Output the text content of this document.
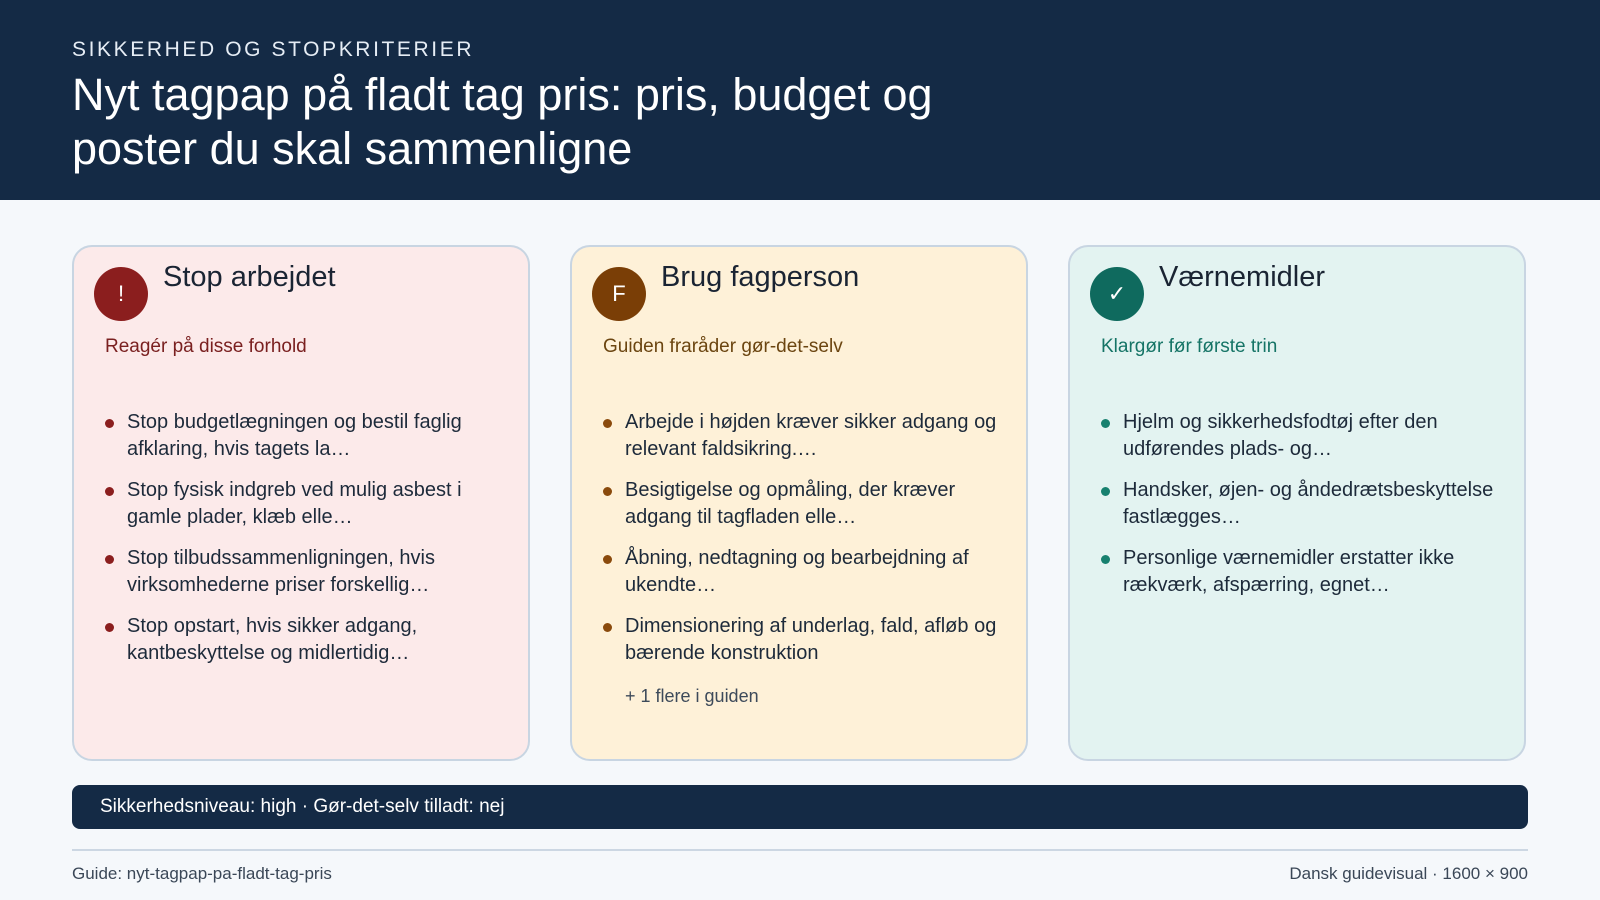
SIKKERHED OG STOPKRITERIER
Nyt tagpap på fladt tag pris: pris, budget og poster du skal sammenligne
!
Stop arbejdet
Reagér på disse forhold
Stop budgetlægningen og bestil faglig afklaring, hvis tagets la…
Stop fysisk indgreb ved mulig asbest i gamle plader, klæb elle…
Stop tilbudssammenligningen, hvis virksomhederne priser forskellig…
Stop opstart, hvis sikker adgang, kantbeskyttelse og midlertidig…
F
Brug fagperson
Guiden fraråder gør-det-selv
Arbejde i højden kræver sikker adgang og relevant faldsikring.…
Besigtigelse og opmåling, der kræver adgang til tagfladen elle…
Åbning, nedtagning og bearbejdning af ukendte…
Dimensionering af underlag, fald, afløb og bærende konstruktion
+ 1 flere i guiden
✓
Værnemidler
Klargør før første trin
Hjelm og sikkerhedsfodtøj efter den udførendes plads- og…
Handsker, øjen- og åndedrætsbeskyttelse fastlægges…
Personlige værnemidler erstatter ikke rækværk, afspærring, egnet…
Sikkerhedsniveau: high · Gør-det-selv tilladt: nej
Guide: nyt-tagpap-pa-fladt-tag-pris	Dansk guidevisual · 1600 × 900
